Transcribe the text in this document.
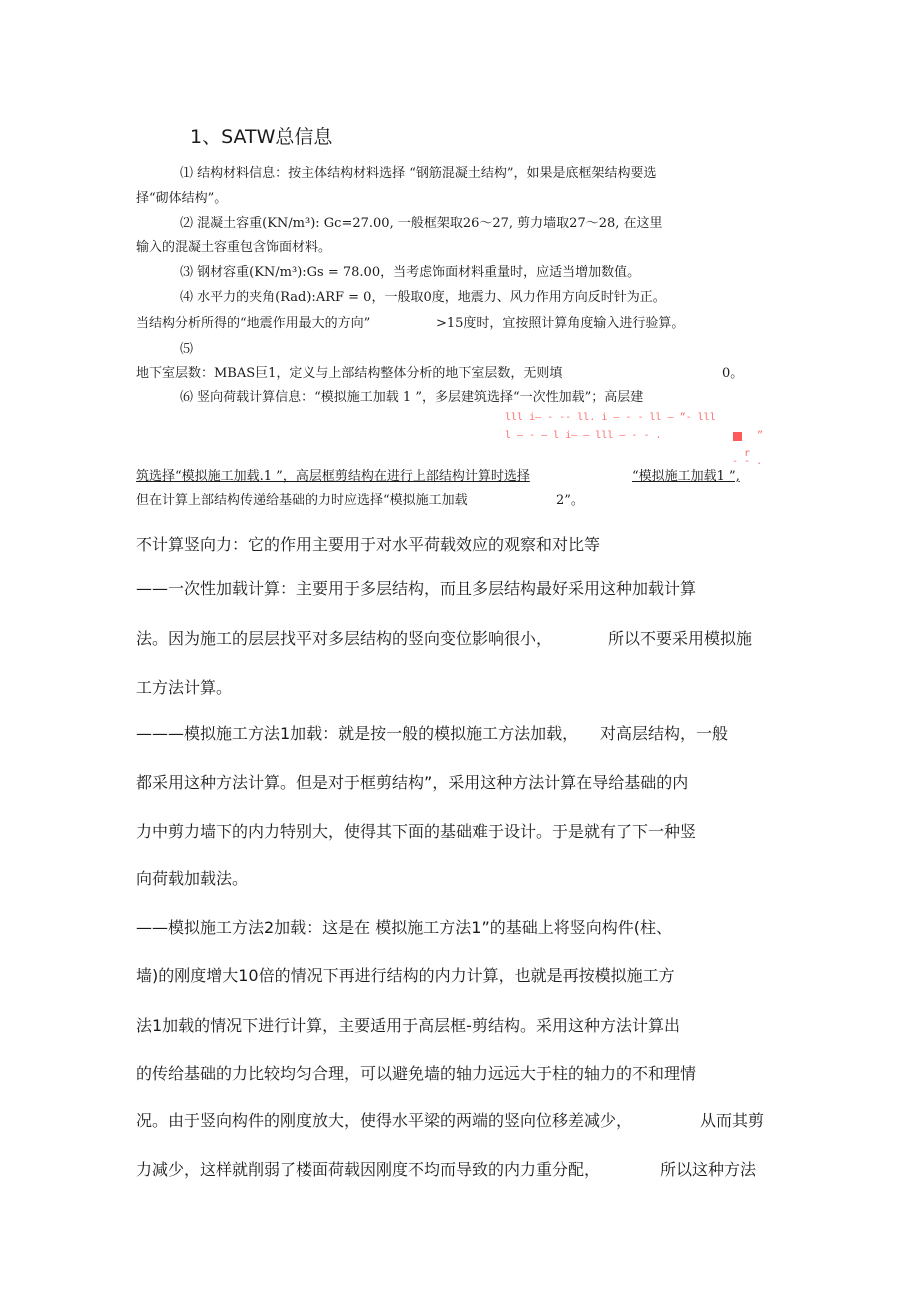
1、SATW总信息
⑴ 结构材料信息：按主体结构材料选择 “钢筋混凝土结构”，如果是底框架结构要选
择“砌体结构”。
⑵ 混凝土容重(KN/m³): Gc=27.00, 一般框架取26～27, 剪力墙取27～28, 在这里
输入的混凝土容重包含饰面材料。
⑶ 钢材容重(KN/m³):Gs = 78.00，当考虑饰面材料重量时，应适当增加数值。
⑷ 水平力的夹角(Rad):ARF = 0，一般取0度，地震力、风力作用方向反时针为正。
当结构分析所得的“地震作用最大的方向”	>15度时，宜按照计算角度输入进行验算。
⑸
地下室层数：MBAS巨1，定义与上部结构整体分析的地下室层数，无则填	0。
⑹ 竖向荷载计算信息：“模拟施工加载 1 ”，多层建筑选择“一次性加载”；高层建
lll i— - -- ll. i — - - ll — ”- lll
l — - — l i— — lll — - - .	”
r
- - .
筑选择“模拟施工加载.1 ”，高层框剪结构在进行上部结构计算时选择	“模拟施工加载1 ”,
但在计算上部结构传递给基础的力时应选择“模拟施工加载	2”。
不计算竖向力：它的作用主要用于对水平荷载效应的观察和对比等
——一次性加载计算：主要用于多层结构，而且多层结构最好采用这种加载计算
法。因为施工的层层找平对多层结构的竖向变位影响很小，	所以不要采用模拟施
工方法计算。
———模拟施工方法1加载：就是按一般的模拟施工方法加载， 对高层结构，一般
都采用这种方法计算。但是对于框剪结构”，采用这种方法计算在导给基础的内
力中剪力墙下的内力特别大，使得其下面的基础难于设计。于是就有了下一种竖
向荷载加载法。
——模拟施工方法2加载：这是在 模拟施工方法1”的基础上将竖向构件(柱、
墙)的刚度增大10倍的情况下再进行结构的内力计算，也就是再按模拟施工方
法1加载的情况下进行计算，主要适用于高层框-剪结构。采用这种方法计算出
的传给基础的力比较均匀合理，可以避免墙的轴力远远大于柱的轴力的不和理情
况。由于竖向构件的刚度放大，使得水平梁的两端的竖向位移差减少，	从而其剪
力减少，这样就削弱了楼面荷载因刚度不均而导致的内力重分配，	所以这种方法
